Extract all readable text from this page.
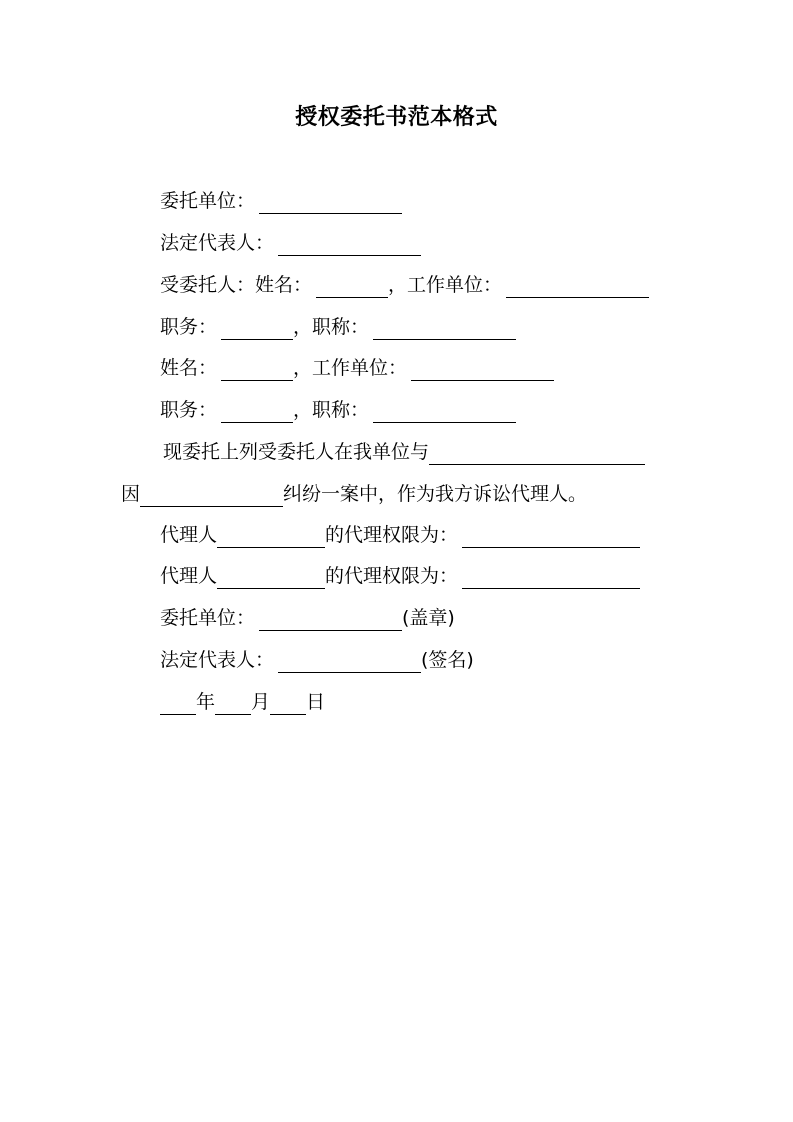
授权委托书范本格式
委托单位：
法定代表人：
受委托人：姓名：	，工作单位：
职务：	，职称：
姓名：	，工作单位：
职务：	，职称：
现委托上列受委托人在我单位与
因	纠纷一案中，作为我方诉讼代理人。
代理人	的代理权限为：
代理人	的代理权限为：
委托单位：	(盖章)
法定代表人：	(签名)
年 月 日
